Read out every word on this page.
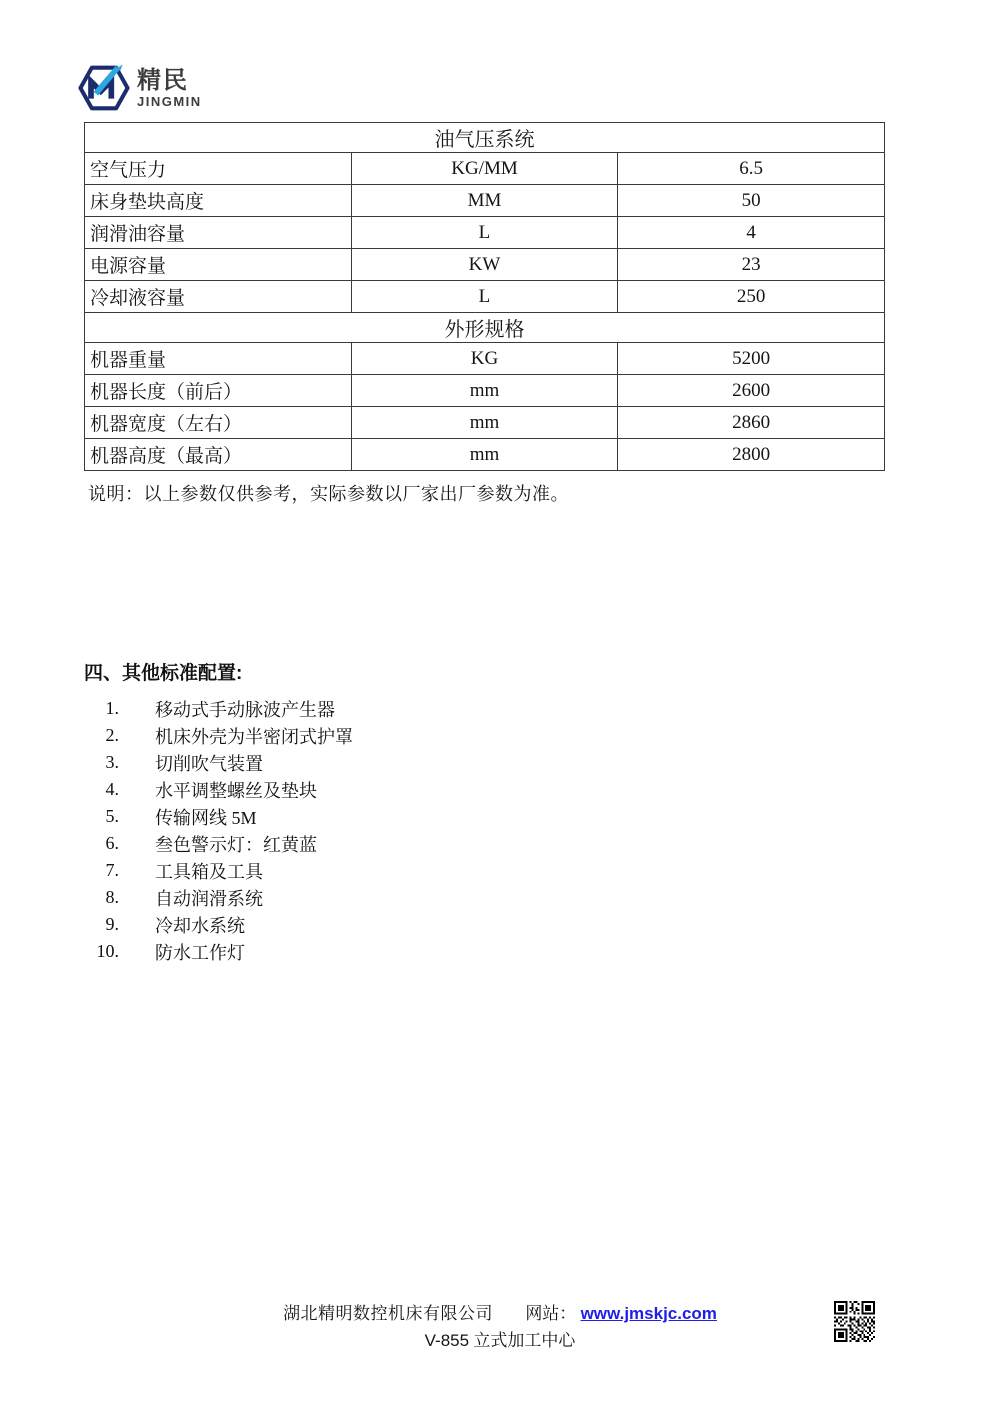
精民
JINGMIN
油气压系统		
空气压力	KG/MM	6.5
床身垫块高度	MM	50
润滑油容量	L	4
电源容量	KW	23
冷却液容量	L	250
外形规格		
机器重量	KG	5200
机器长度（前后）	mm	2600
机器宽度（左右）	mm	2860
机器高度（最高）	mm	2800
说明：以上参数仅供参考，实际参数以厂家出厂参数为准。
四、其他标准配置:
1. 移动式手动脉波产生器
2. 机床外壳为半密闭式护罩
3. 切削吹气装置
4. 水平调整螺丝及垫块
5. 传输网线 5M
6. 叁色警示灯：红黄蓝
7. 工具箱及工具
8. 自动润滑系统
9. 冷却水系统
10. 防水工作灯
湖北精明数控机床有限公司 网站： www.jmskjc.com
V-855 立式加工中心
